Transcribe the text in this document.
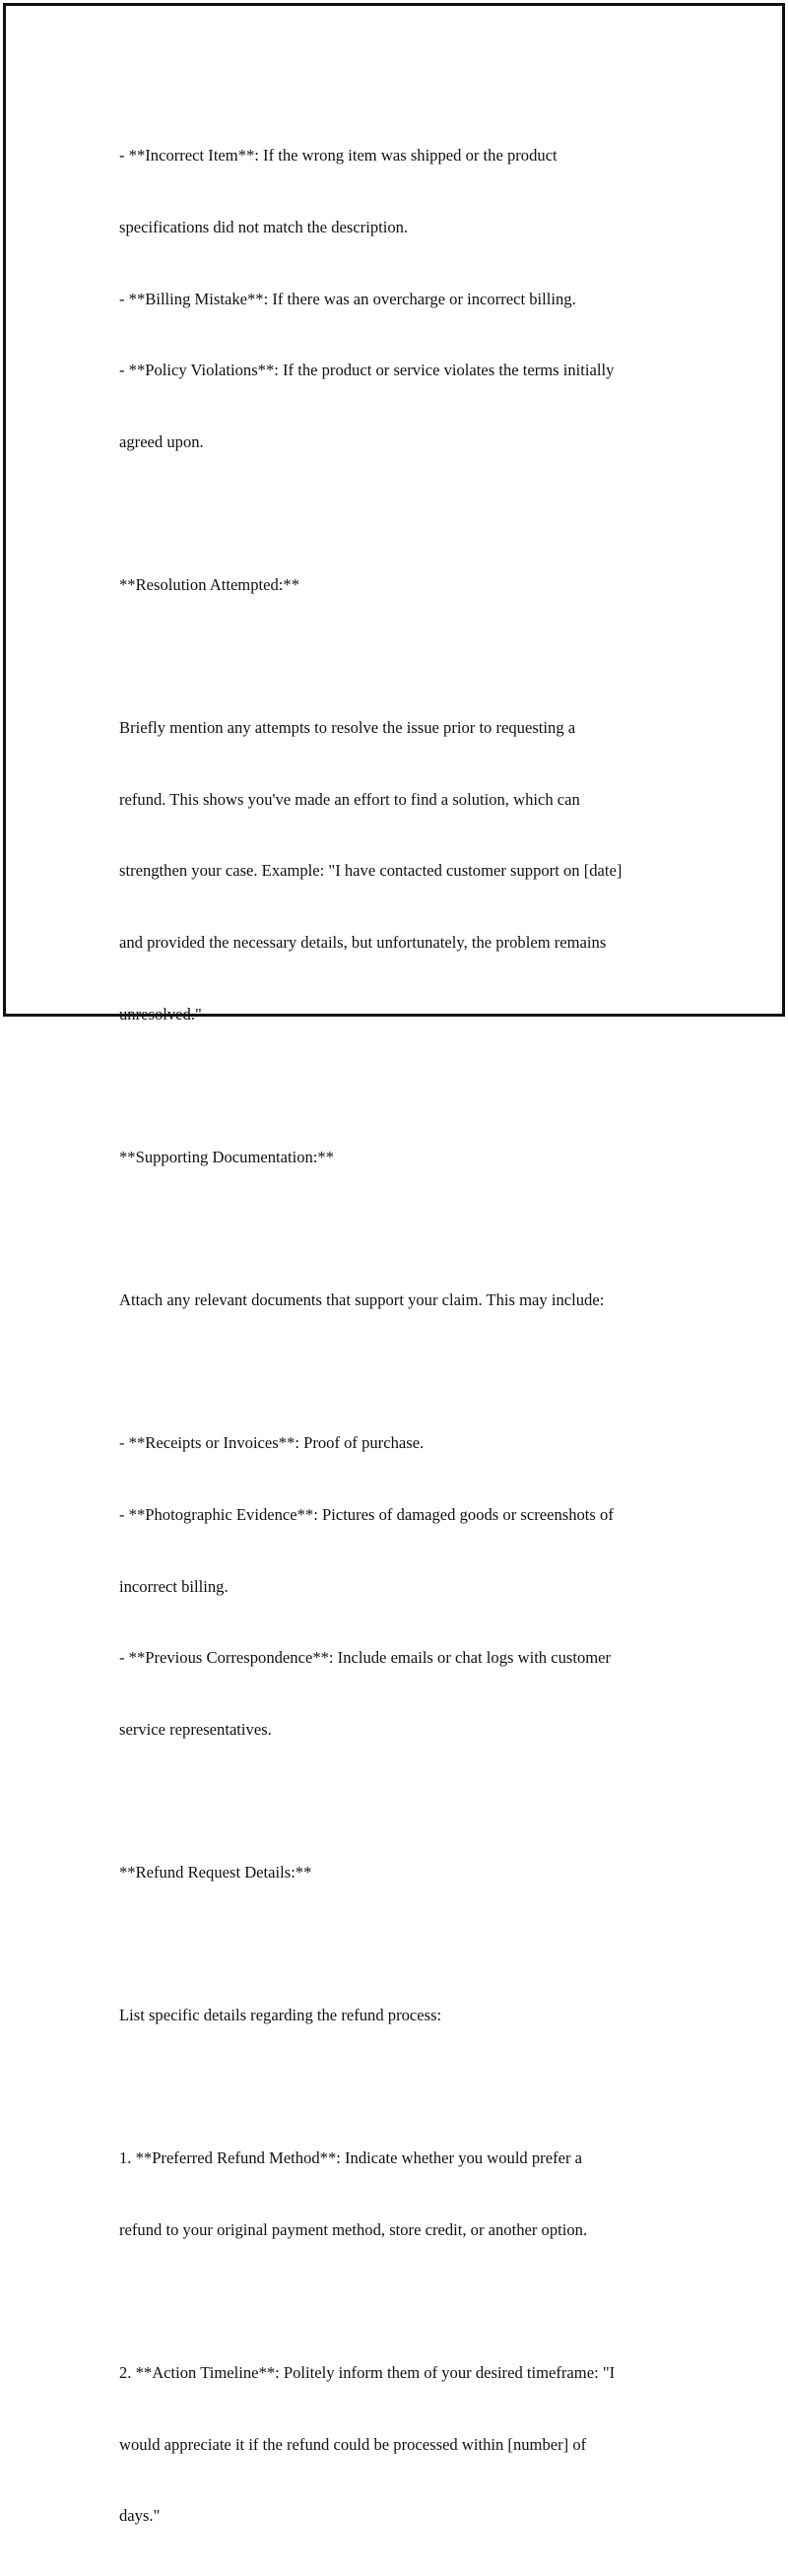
- **Incorrect Item**: If the wrong item was shipped or the product

specifications did not match the description.

- **Billing Mistake**: If there was an overcharge or incorrect billing.

- **Policy Violations**: If the product or service violates the terms initially

agreed upon.

**Resolution Attempted:**

Briefly mention any attempts to resolve the issue prior to requesting a

refund. This shows you've made an effort to find a solution, which can

strengthen your case. Example: "I have contacted customer support on [date]

and provided the necessary details, but unfortunately, the problem remains

unresolved."

**Supporting Documentation:**

Attach any relevant documents that support your claim. This may include:

- **Receipts or Invoices**: Proof of purchase.

- **Photographic Evidence**: Pictures of damaged goods or screenshots of

incorrect billing.

- **Previous Correspondence**: Include emails or chat logs with customer

service representatives.

**Refund Request Details:**

List specific details regarding the refund process:

1. **Preferred Refund Method**: Indicate whether you would prefer a

refund to your original payment method, store credit, or another option.

2. **Action Timeline**: Politely inform them of your desired timeframe: "I

would appreciate it if the refund could be processed within [number] of

days."
